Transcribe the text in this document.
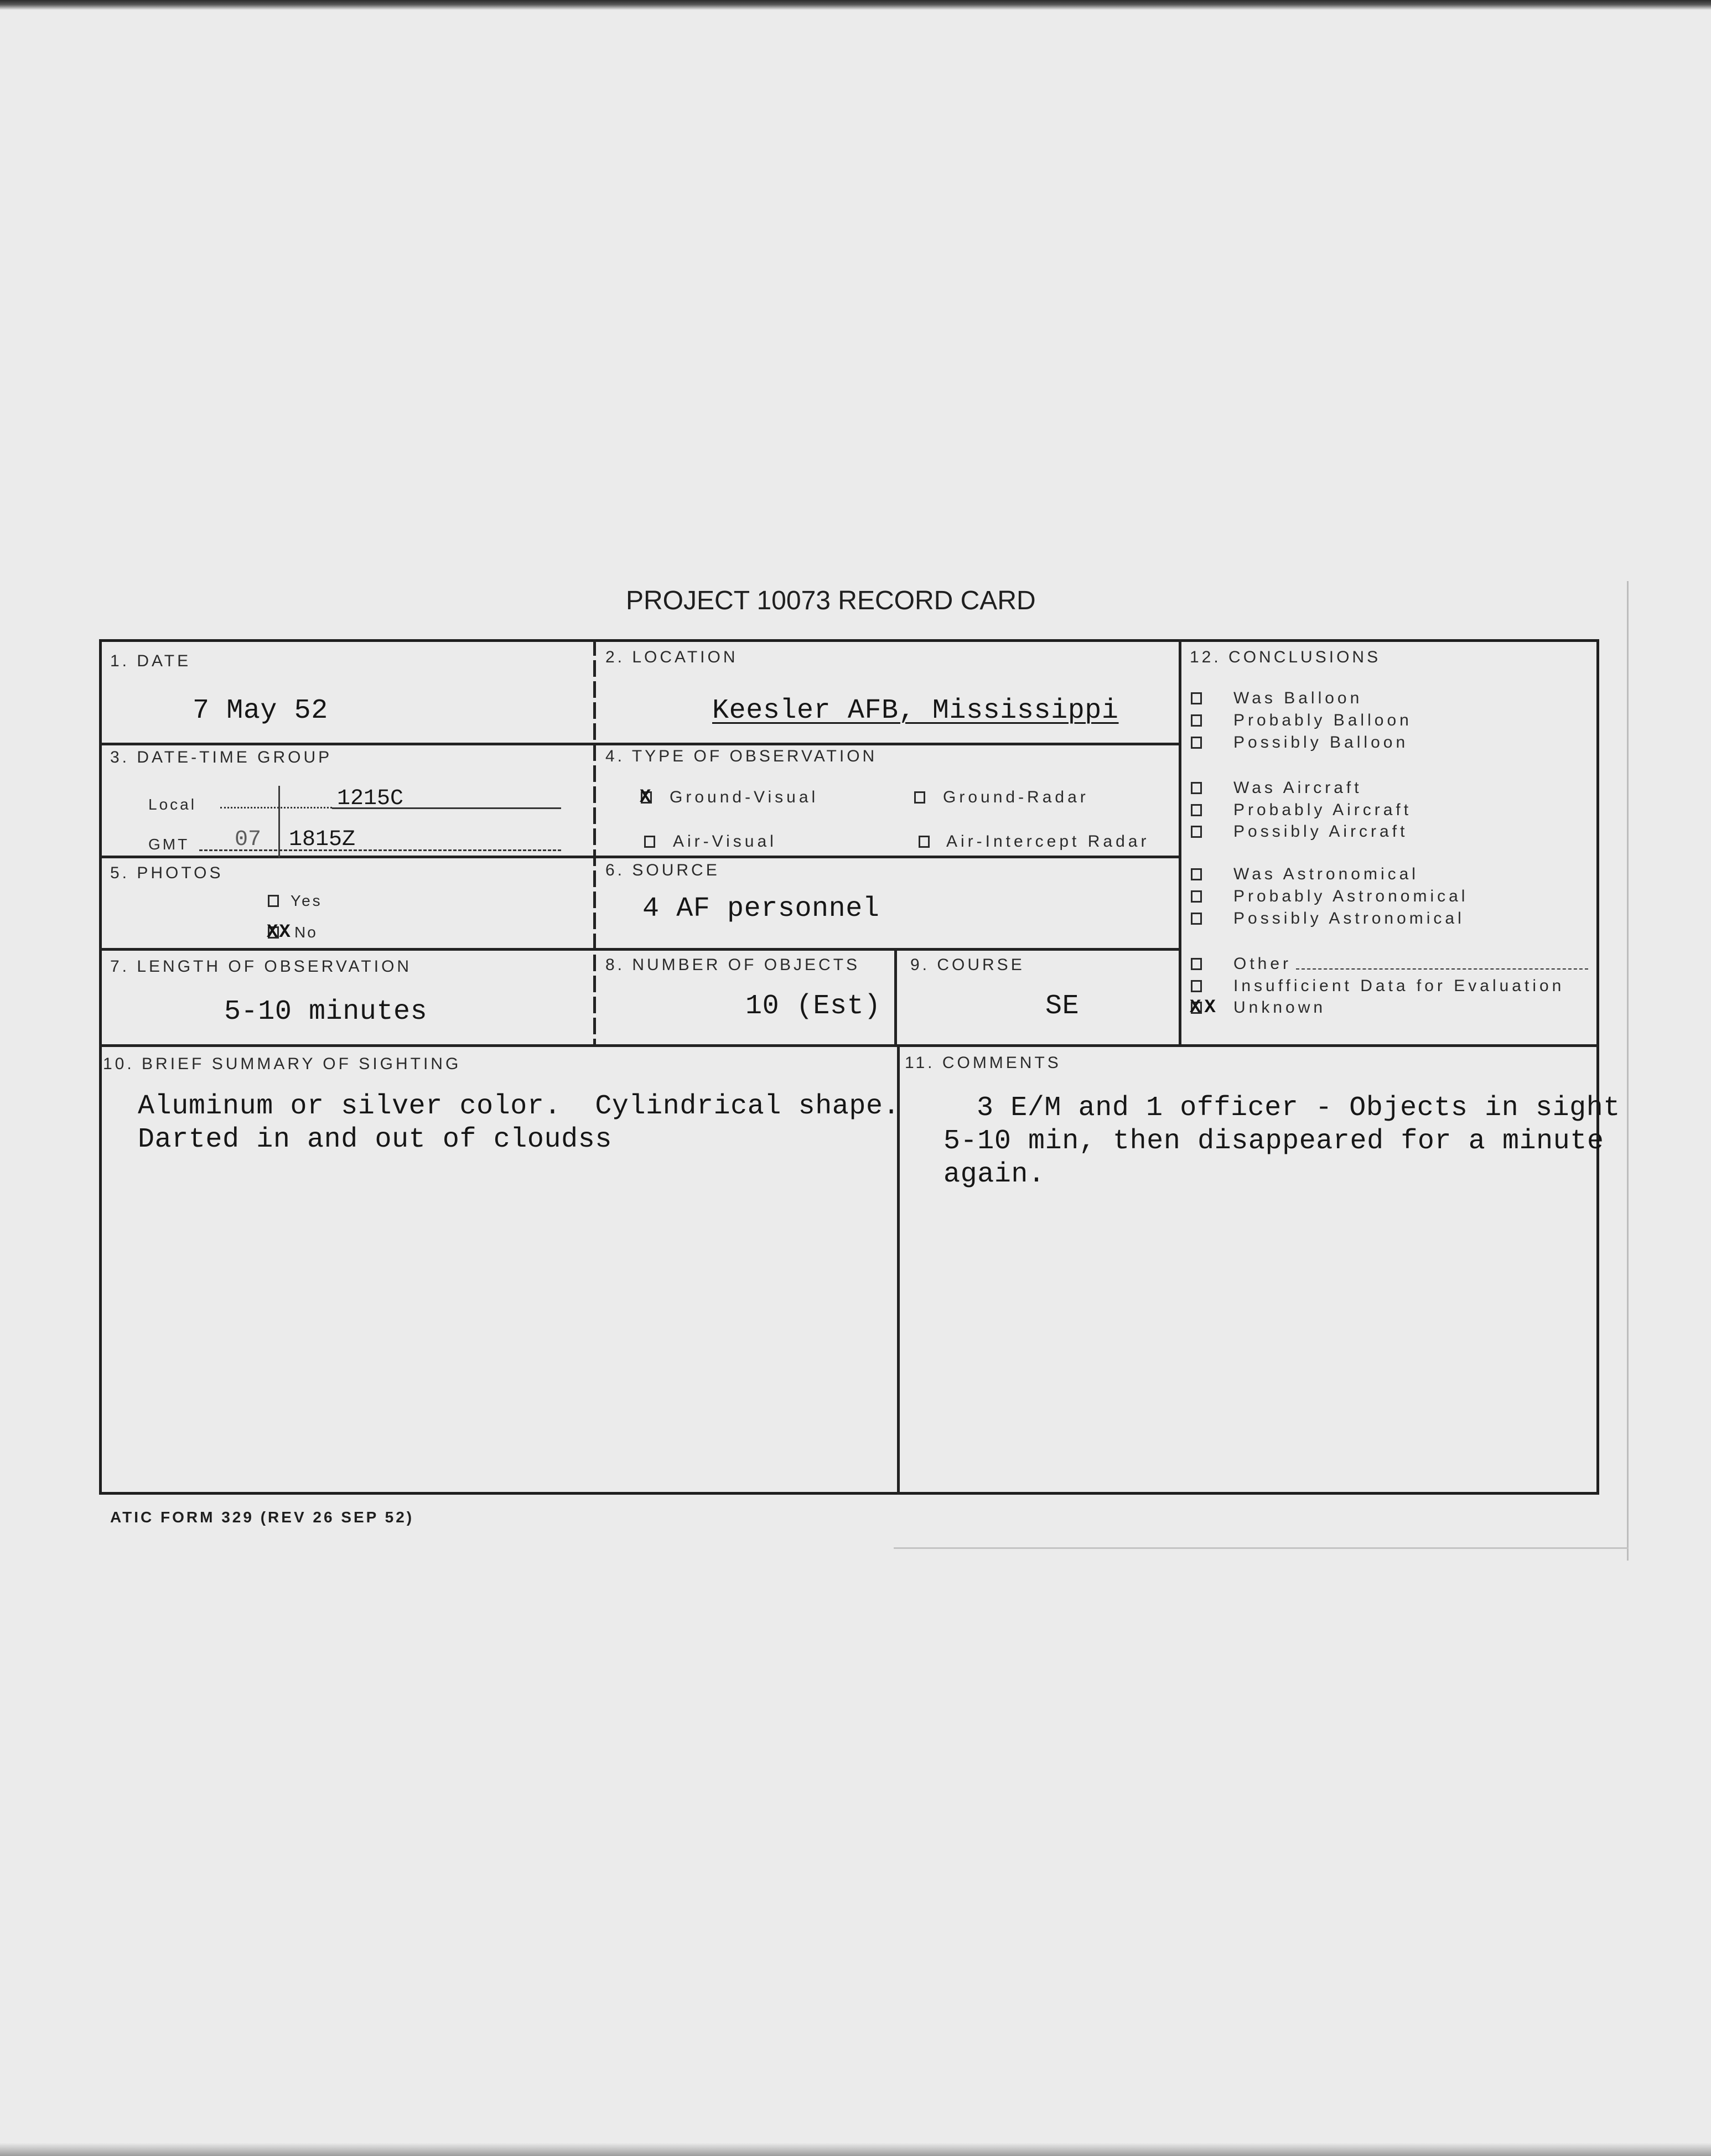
PROJECT 10073 RECORD CARD
1. DATE
7 May 52
2. LOCATION
Keesler AFB, Mississippi
3. DATE-TIME GROUP
Local	1215C
GMT 07 1815Z
4. TYPE OF OBSERVATION
X Ground-Visual	Ground-Radar
Air-Visual	Air-Intercept Radar
5. PHOTOS
Yes
XX No
6. SOURCE
4 AF personnel
7. LENGTH OF OBSERVATION
5-10 minutes
8. NUMBER OF OBJECTS
10 (Est)
9. COURSE
SE
12. CONCLUSIONS
Was Balloon
Probably Balloon
Possibly Balloon
Was Aircraft
Probably Aircraft
Possibly Aircraft
Was Astronomical
Probably Astronomical
Possibly Astronomical
Other
Insufficient Data for Evaluation
XX Unknown
10. BRIEF SUMMARY OF SIGHTING
Aluminum or silver color.  Cylindrical shape.
Darted in and out of cloudss
11. COMMENTS
3 E/M and 1 officer - Objects in sight
5-10 min, then disappeared for a minute
again.
ATIC FORM 329 (REV 26 SEP 52)
